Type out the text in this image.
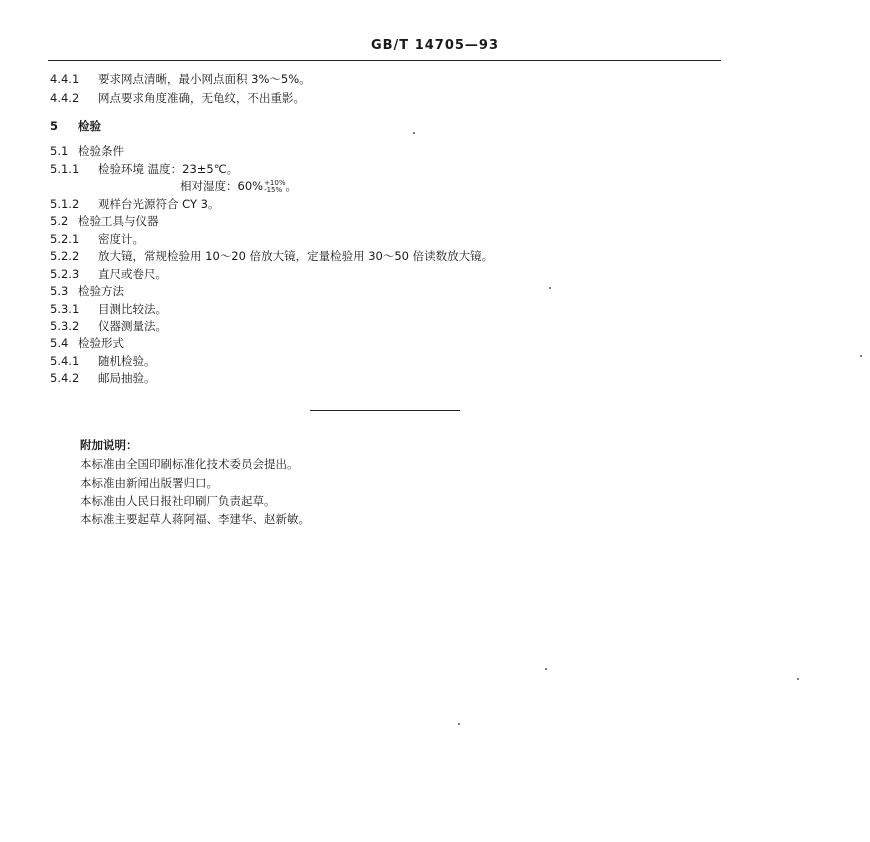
GB/T 14705—93
4.4.1 要求网点清晰，最小网点面积 3%～5%。
4.4.2 网点要求角度准确，无龟纹，不出重影。
5 检验
5.1 检验条件
5.1.1 检验环境 温度：23±5℃。
相对湿度：60% +10%
-15% 。
5.1.2 观样台光源符合 CY 3。
5.2 检验工具与仪器
5.2.1 密度计。
5.2.2 放大镜，常规检验用 10～20 倍放大镜，定量检验用 30～50 倍读数放大镜。
5.2.3 直尺或卷尺。
5.3 检验方法
5.3.1 目测比较法。
5.3.2 仪器测量法。
5.4 检验形式
5.4.1 随机检验。
5.4.2 邮局抽验。
附加说明：
本标准由全国印刷标准化技术委员会提出。
本标准由新闻出版署归口。
本标准由人民日报社印刷厂负责起草。
本标准主要起草人蒋阿福、李建华、赵新敏。
